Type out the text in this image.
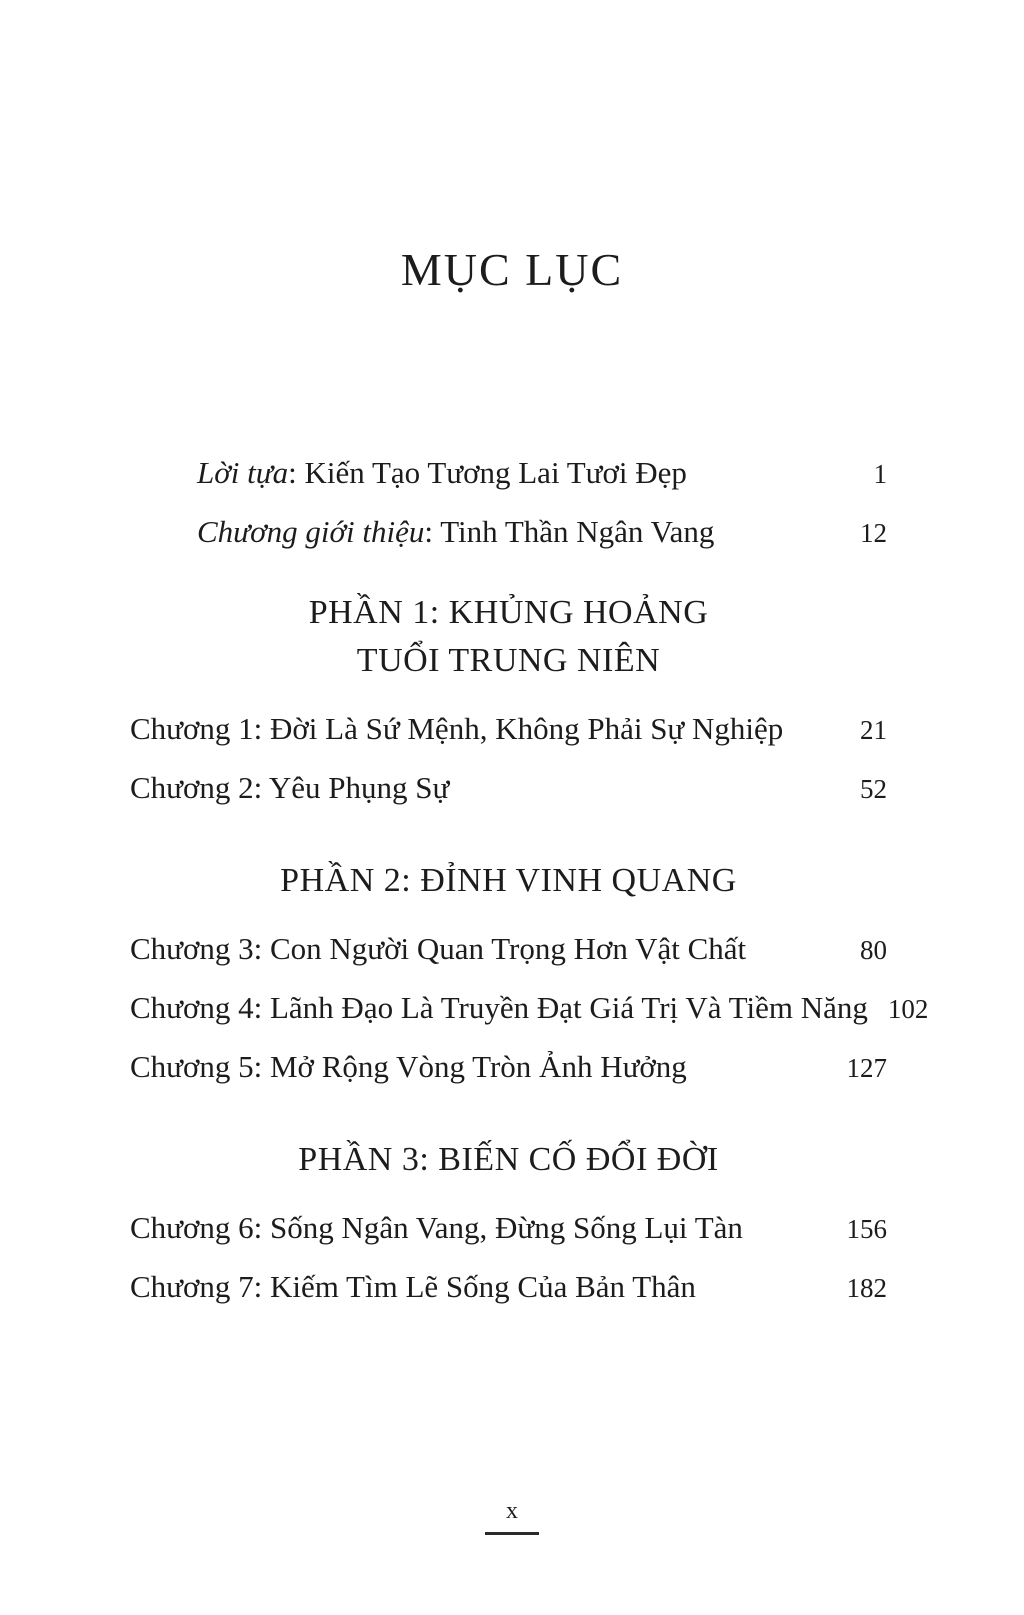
MỤC LỤC
Lời tựa: Kiến Tạo Tương Lai Tươi Đẹp	1
Chương giới thiệu: Tinh Thần Ngân Vang	12
PHẦN 1: KHỦNG HOẢNG
TUỔI TRUNG NIÊN
Chương 1: Đời Là Sứ Mệnh, Không Phải Sự Nghiệp	21
Chương 2: Yêu Phụng Sự	52
PHẦN 2: ĐỈNH VINH QUANG
Chương 3: Con Người Quan Trọng Hơn Vật Chất	80
Chương 4: Lãnh Đạo Là Truyền Đạt Giá Trị Và Tiềm Năng 102
Chương 5: Mở Rộng Vòng Tròn Ảnh Hưởng	127
PHẦN 3: BIẾN CỐ ĐỔI ĐỜI
Chương 6: Sống Ngân Vang, Đừng Sống Lụi Tàn	156
Chương 7: Kiếm Tìm Lẽ Sống Của Bản Thân	182
x
